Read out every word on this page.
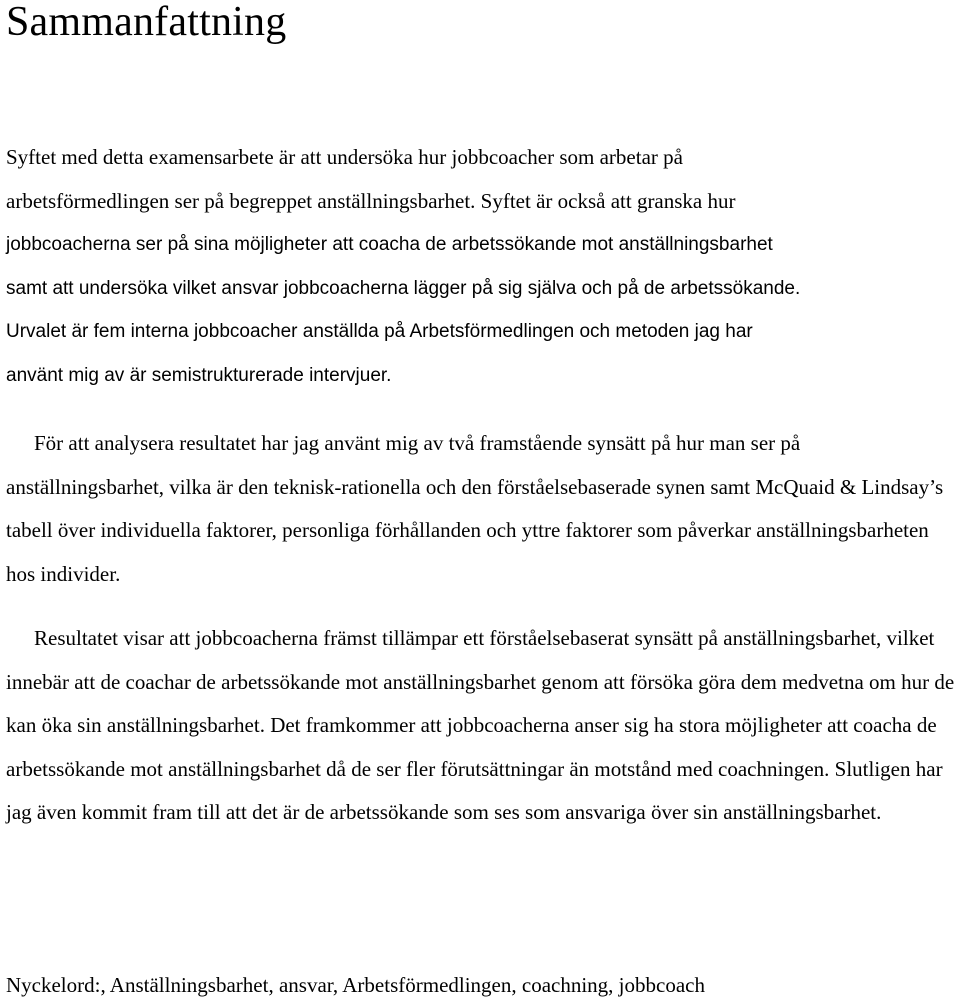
Sammanfattning
Syftet med detta examensarbete är att undersöka hur jobbcoacher som arbetar på
arbetsförmedlingen ser på begreppet anställningsbarhet. Syftet är också att granska hur
jobbcoacherna ser på sina möjligheter att coacha de arbetssökande mot anställningsbarhet
samt att undersöka vilket ansvar jobbcoacherna lägger på sig själva och på de arbetssökande.
Urvalet är fem interna jobbcoacher anställda på Arbetsförmedlingen och metoden jag har
använt mig av är semistrukturerade intervjuer.

För att analysera resultatet har jag använt mig av två framstående synsätt på hur man ser på anställningsbarhet, vilka är den teknisk-rationella och den förståelsebaserade synen samt McQuaid & Lindsay’s tabell över individuella faktorer, personliga förhållanden och yttre faktorer som påverkar anställningsbarheten hos individer.

Resultatet visar att jobbcoacherna främst tillämpar ett förståelsebaserat synsätt på anställningsbarhet, vilket innebär att de coachar de arbetssökande mot anställningsbarhet genom att försöka göra dem medvetna om hur de kan öka sin anställningsbarhet. Det framkommer att jobbcoacherna anser sig ha stora möjligheter att coacha de arbetssökande mot anställningsbarhet då de ser fler förutsättningar än motstånd med coachningen. Slutligen har jag även kommit fram till att det är de arbetssökande som ses som ansvariga över sin anställningsbarhet.

Nyckelord:, Anställningsbarhet, ansvar, Arbetsförmedlingen, coachning, jobbcoach
